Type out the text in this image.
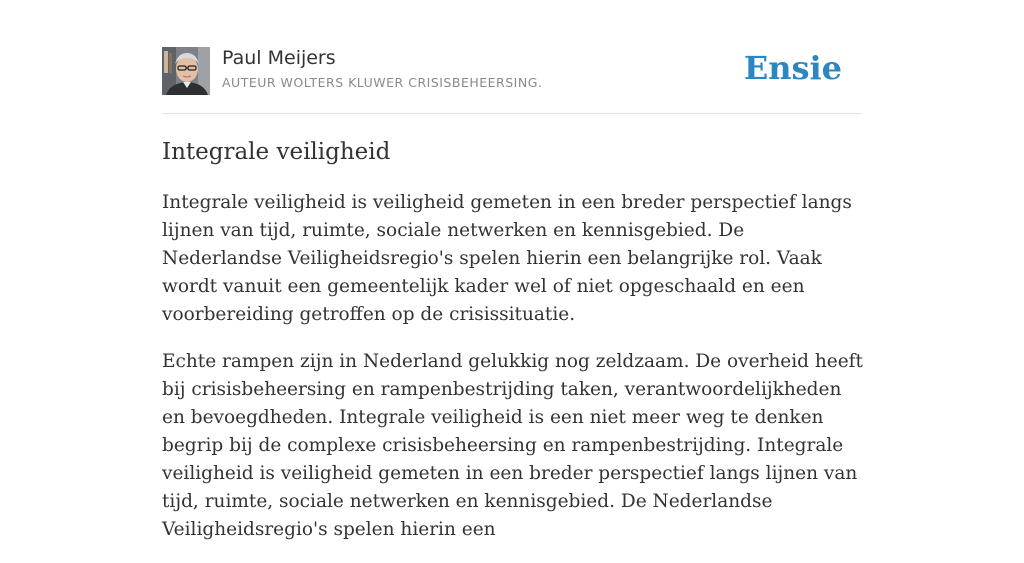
Paul Meijers
AUTEUR WOLTERS KLUWER CRISISBEHEERSING.	Ensie
Integrale veiligheid

Integrale veiligheid is veiligheid gemeten in een breder perspectief langs lijnen van tijd, ruimte, sociale netwerken en kennisgebied. De Nederlandse Veiligheidsregio's spelen hierin een belangrijke rol. Vaak wordt vanuit een gemeentelijk kader wel of niet opgeschaald en een voorbereiding getroffen op de crisissituatie.

Echte rampen zijn in Nederland gelukkig nog zeldzaam. De overheid heeft bij crisisbeheersing en rampenbestrijding taken, verantwoordelijkheden en bevoegdheden. Integrale veiligheid is een niet meer weg te denken begrip bij de complexe crisisbeheersing en rampenbestrijding. Integrale veiligheid is veiligheid gemeten in een breder perspectief langs lijnen van tijd, ruimte, sociale netwerken en kennisgebied. De Nederlandse Veiligheidsregio's spelen hierin een
